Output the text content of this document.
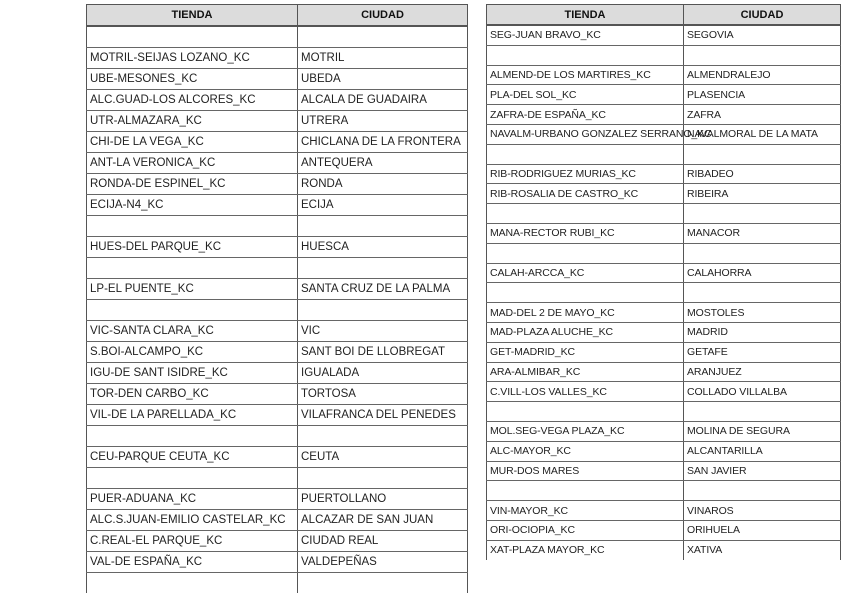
TIENDA	CIUDAD

MOTRIL-SEIJAS LOZANO_KC	MOTRIL
UBE-MESONES_KC	UBEDA
ALC.GUAD-LOS ALCORES_KC	ALCALA DE GUADAIRA
UTR-ALMAZARA_KC	UTRERA
CHI-DE LA VEGA_KC	CHICLANA DE LA FRONTERA
ANT-LA VERONICA_KC	ANTEQUERA
RONDA-DE ESPINEL_KC	RONDA
ECIJA-N4_KC	ECIJA

HUES-DEL PARQUE_KC	HUESCA

LP-EL PUENTE_KC	SANTA CRUZ DE LA PALMA

VIC-SANTA CLARA_KC	VIC
S.BOI-ALCAMPO_KC	SANT BOI DE LLOBREGAT
IGU-DE SANT ISIDRE_KC	IGUALADA
TOR-DEN CARBO_KC	TORTOSA
VIL-DE LA PARELLADA_KC	VILAFRANCA DEL PENEDES

CEU-PARQUE CEUTA_KC	CEUTA

PUER-ADUANA_KC	PUERTOLLANO
ALC.S.JUAN-EMILIO CASTELAR_KC	ALCAZAR DE SAN JUAN
C.REAL-EL PARQUE_KC	CIUDAD REAL
VAL-DE ESPAÑA_KC	VALDEPEÑAS

TIENDA	CIUDAD
SEG-JUAN BRAVO_KC	SEGOVIA

ALMEND-DE LOS MARTIRES_KC	ALMENDRALEJO
PLA-DEL SOL_KC	PLASENCIA
ZAFRA-DE ESPAÑA_KC	ZAFRA
NAVALM-URBANO GONZALEZ SERRANO_KC	NAVALMORAL DE LA MATA

RIB-RODRIGUEZ MURIAS_KC	RIBADEO
RIB-ROSALIA DE CASTRO_KC	RIBEIRA

MANA-RECTOR RUBI_KC	MANACOR

CALAH-ARCCA_KC	CALAHORRA

MAD-DEL 2 DE MAYO_KC	MOSTOLES
MAD-PLAZA ALUCHE_KC	MADRID
GET-MADRID_KC	GETAFE
ARA-ALMIBAR_KC	ARANJUEZ
C.VILL-LOS VALLES_KC	COLLADO VILLALBA

MOL.SEG-VEGA PLAZA_KC	MOLINA DE SEGURA
ALC-MAYOR_KC	ALCANTARILLA
MUR-DOS MARES	SAN JAVIER

VIN-MAYOR_KC	VINAROS
ORI-OCIOPIA_KC	ORIHUELA
XAT-PLAZA MAYOR_KC	XATIVA
